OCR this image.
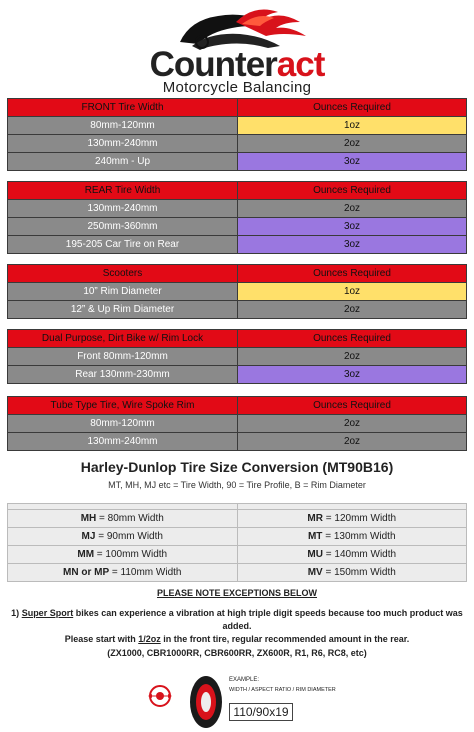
Counteract
Motorcycle Balancing
FRONT Tire Width	Ounces Required
80mm-120mm	1oz
130mm-240mm	2oz
240mm - Up	3oz
REAR Tire Width	Ounces Required
130mm-240mm	2oz
250mm-360mm	3oz
195-205 Car Tire on Rear	3oz
Scooters	Ounces Required
10” Rim Diameter	1oz
12” & Up Rim Diameter	2oz
Dual Purpose, Dirt Bike w/ Rim Lock	Ounces Required
Front 80mm-120mm	2oz
Rear 130mm-230mm	3oz
Tube Type Tire, Wire Spoke Rim	Ounces Required
80mm-120mm	2oz
130mm-240mm	2oz
Harley-Dunlop Tire Size Conversion (MT90B16)
MT, MH, MJ etc = Tire Width, 90 = Tire Profile, B = Rim Diameter

MH = 80mm Width	MR = 120mm Width
MJ = 90mm Width	MT = 130mm Width
MM = 100mm Width	MU = 140mm Width
MN or MP = 110mm Width	MV = 150mm Width
PLEASE NOTE EXCEPTIONS BELOW
1) Super Sport bikes can experience a vibration at high triple digit speeds because too much product was added.
Please start with 1/2oz in the front tire, regular recommended amount in the rear.
(ZX1000, CBR1000RR, CBR600RR, ZX600R, R1, R6, RC8, etc)
EXAMPLE:
WIDTH / ASPECT RATIO / RIM DIAMETER
110/90x19
